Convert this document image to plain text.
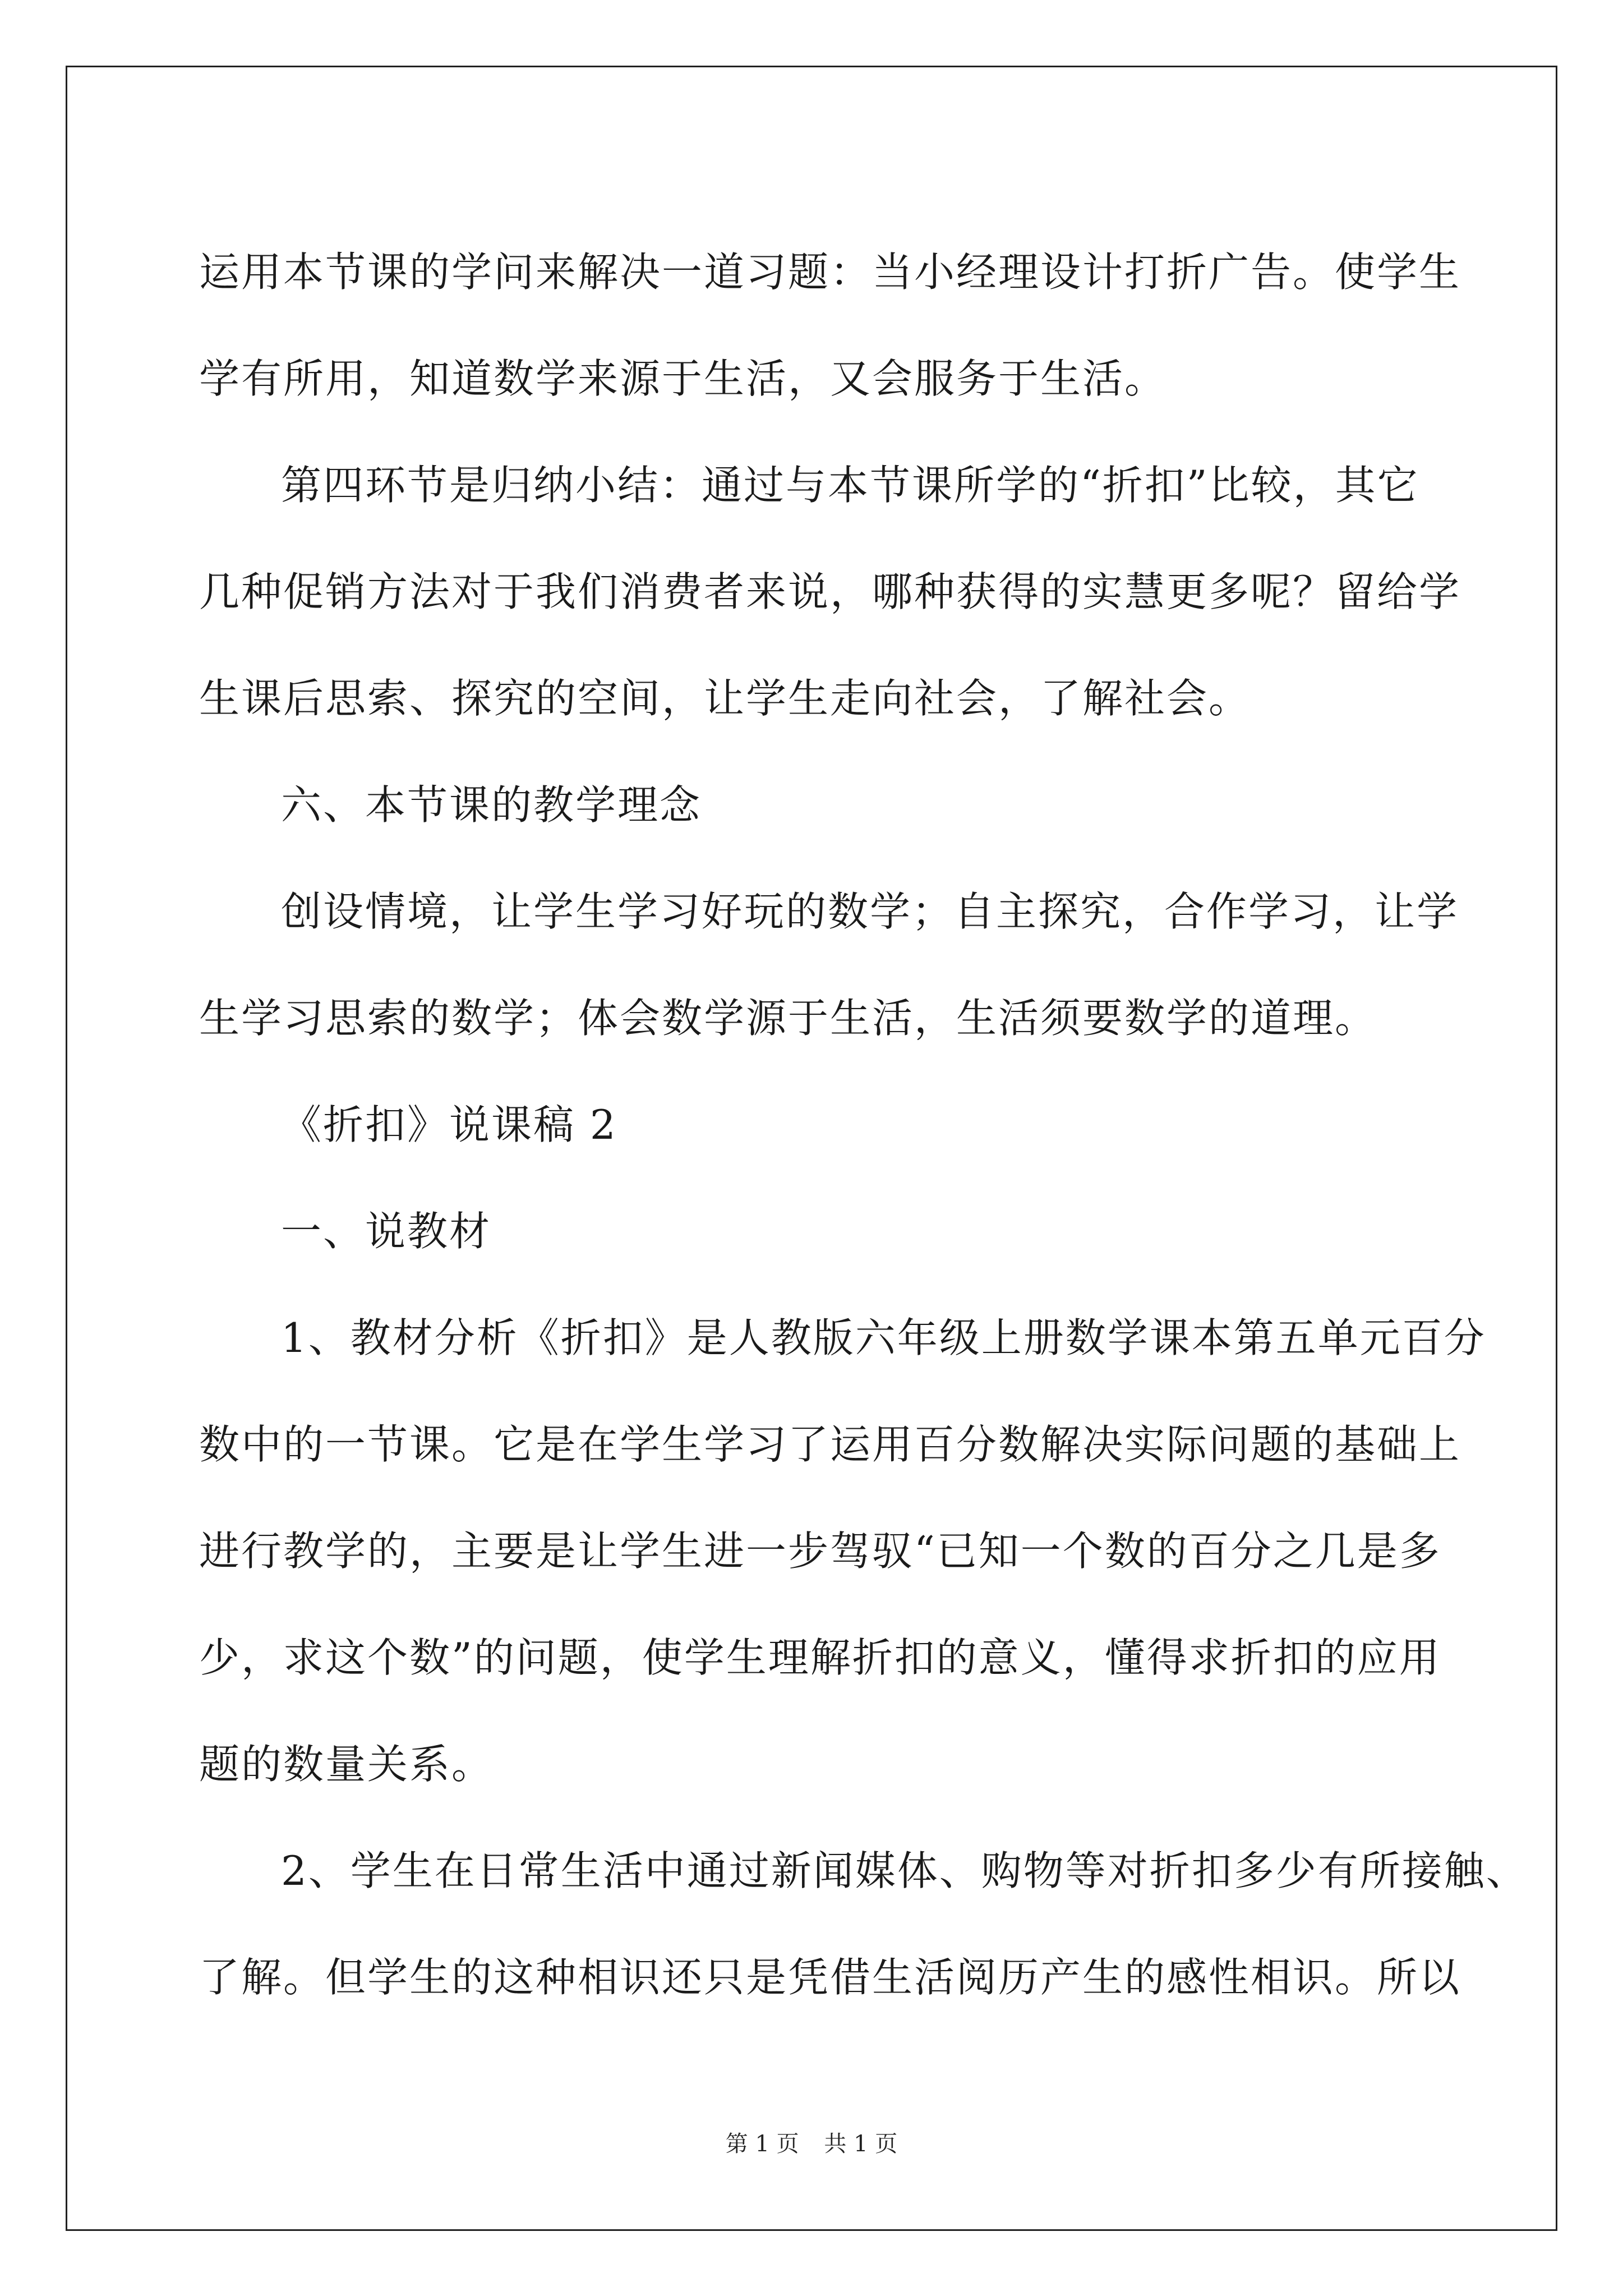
运用本节课的学问来解决一道习题：当小经理设计打折广告。使学生
学有所用，知道数学来源于生活，又会服务于生活。

第四环节是归纳小结：通过与本节课所学的“折扣”比较，其它
几种促销方法对于我们消费者来说，哪种获得的实慧更多呢？留给学
生课后思索、探究的空间，让学生走向社会，了解社会。

六、本节课的教学理念

创设情境，让学生学习好玩的数学；自主探究，合作学习，让学
生学习思索的数学；体会数学源于生活，生活须要数学的道理。

《折扣》说课稿 2

一、说教材

1、教材分析《折扣》是人教版六年级上册数学课本第五单元百分
数中的一节课。它是在学生学习了运用百分数解决实际问题的基础上
进行教学的，主要是让学生进一步驾驭“已知一个数的百分之几是多
少，求这个数”的问题，使学生理解折扣的意义，懂得求折扣的应用
题的数量关系。

2、学生在日常生活中通过新闻媒体、购物等对折扣多少有所接触、
了解。但学生的这种相识还只是凭借生活阅历产生的感性相识。所以

第 1 页 共 1 页
